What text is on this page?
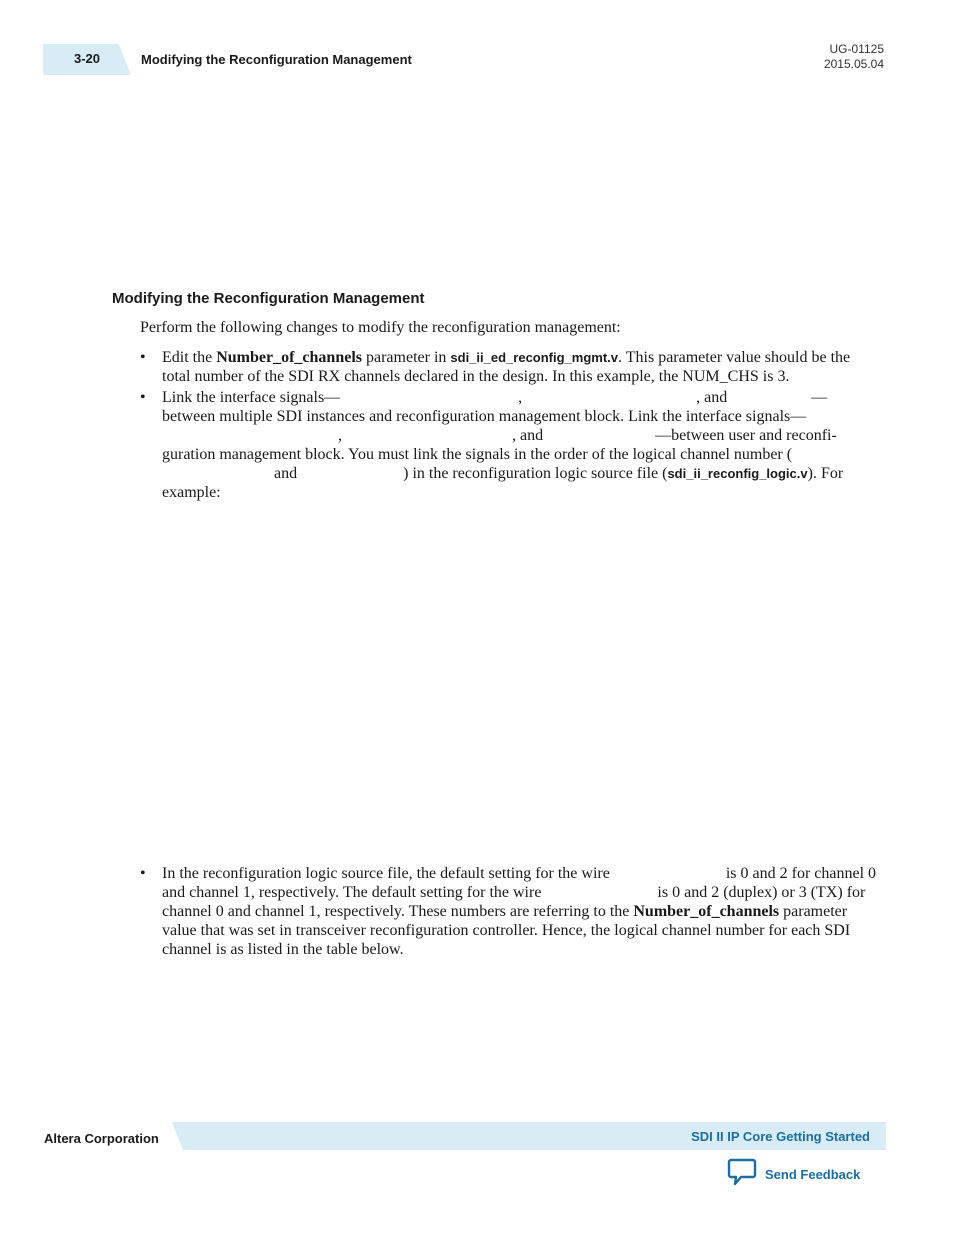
3-20	Modifying the Reconfiguration Management
UG-01125
2015.05.04
Modifying the Reconfiguration Management
Perform the following changes to modify the reconfiguration management:
• Edit the Number_of_channels parameter in sdi_ii_ed_reconfig_mgmt.v. This parameter value should be the total number of the SDI RX channels declared in the design. In this example, the NUM_CHS is 3.
• Link the interface signals—	,	, and	— between multiple SDI instances and reconfiguration management block. Link the interface signals—,	, and	—between user and reconfi- guration management block. You must link the signals in the order of the logical channel number (and	) in the reconfiguration logic source file (sdi_ii_reconfig_logic.v). For example:
• In the reconfiguration logic source file, the default setting for the wire	is 0 and 2 for channel 0 and channel 1, respectively. The default setting for the wire	is 0 and 2 (duplex) or 3 (TX) for channel 0 and channel 1, respectively. These numbers are referring to the Number_of_channels parameter value that was set in transceiver reconfiguration controller. Hence, the logical channel number for each SDI channel is as listed in the table below.
Altera Corporation	SDI II IP Core Getting Started
Send Feedback
